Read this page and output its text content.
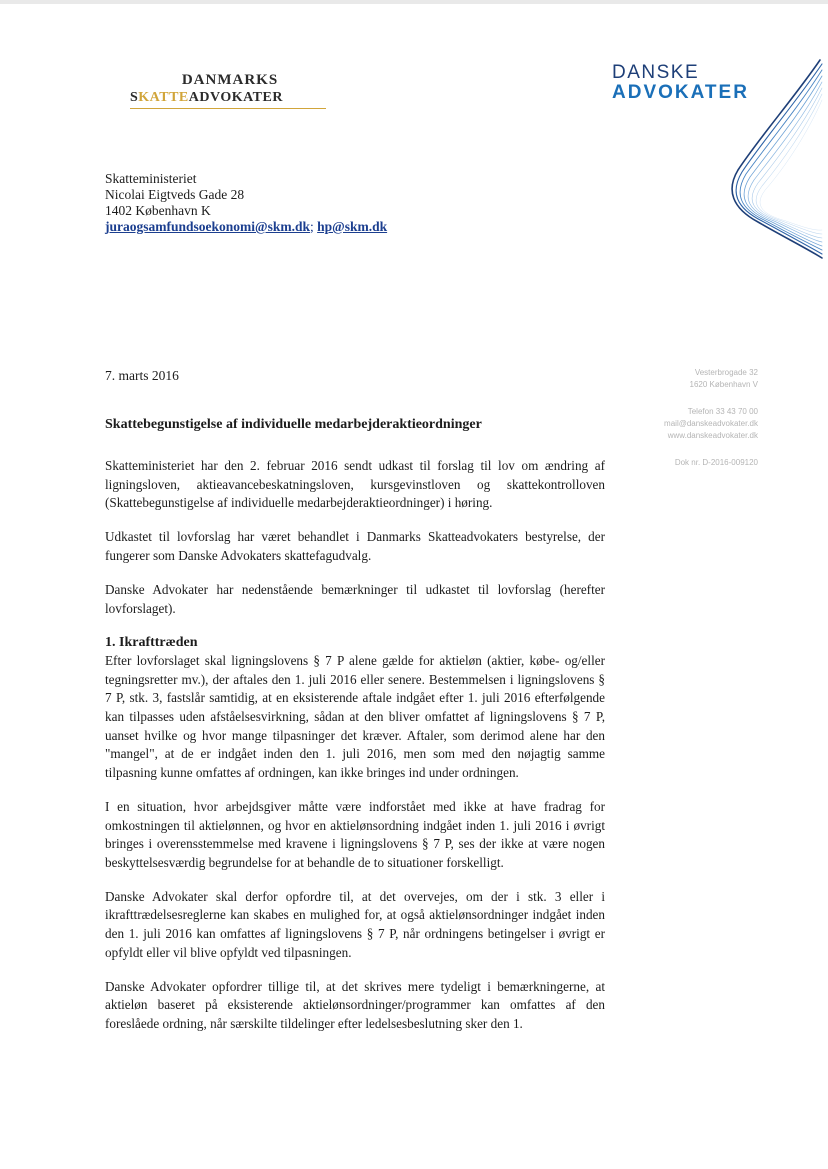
DANMARKS
SKATTEADVOKATER
DANSKE
ADVOKATER
Skatteministeriet
Nicolai Eigtveds Gade 28
1402 København K
juraogsamfundsoekonomi@skm.dk; hp@skm.dk
Vesterbrogade 32
1620 København V
Telefon 33 43 70 00
mail@danskeadvokater.dk
www.danskeadvokater.dk
Dok nr. D-2016-009120
7. marts 2016
Skattebegunstigelse af individuelle medarbejderaktieordninger

Skatteministeriet har den 2. februar 2016 sendt udkast til forslag til lov om ændring af ligningsloven, aktieavancebeskatningsloven, kursgevinstloven og skattekontrolloven (Skattebegunstigelse af individuelle medarbejderaktieordninger) i høring.

Udkastet til lovforslag har været behandlet i Danmarks Skatteadvokaters bestyrelse, der fungerer som Danske Advokaters skattefagudvalg.

Danske Advokater har nedenstående bemærkninger til udkastet til lovforslag (herefter lovforslaget).

1. Ikrafttræden

Efter lovforslaget skal ligningslovens § 7 P alene gælde for aktieløn (aktier, købe- og/eller tegningsretter mv.), der aftales den 1. juli 2016 eller senere. Bestemmelsen i ligningslovens § 7 P, stk. 3, fastslår samtidig, at en eksisterende aftale indgået efter 1. juli 2016 efterfølgende kan tilpasses uden afståelsesvirkning, sådan at den bliver omfattet af ligningslovens § 7 P, uanset hvilke og hvor mange tilpasninger det kræver. Aftaler, som derimod alene har den "mangel", at de er indgået inden den 1. juli 2016, men som med den nøjagtig samme tilpasning kunne omfattes af ordningen, kan ikke bringes ind under ordningen.

I en situation, hvor arbejdsgiver måtte være indforstået med ikke at have fradrag for omkostningen til aktielønnen, og hvor en aktielønsordning indgået inden 1. juli 2016 i øvrigt bringes i overensstemmelse med kravene i ligningslovens § 7 P, ses der ikke at være nogen beskyttelsesværdig begrundelse for at behandle de to situationer forskelligt.

Danske Advokater skal derfor opfordre til, at det overvejes, om der i stk. 3 eller i ikrafttrædelsesreglerne kan skabes en mulighed for, at også aktielønsordninger indgået inden den 1. juli 2016 kan omfattes af ligningslovens § 7 P, når ordningens betingelser i øvrigt er opfyldt eller vil blive opfyldt ved tilpasningen.

Danske Advokater opfordrer tillige til, at det skrives mere tydeligt i bemærkningerne, at aktieløn baseret på eksisterende aktielønsordninger/programmer kan omfattes af den foreslåede ordning, når særskilte tildelinger efter ledelsesbeslutning sker den 1.
